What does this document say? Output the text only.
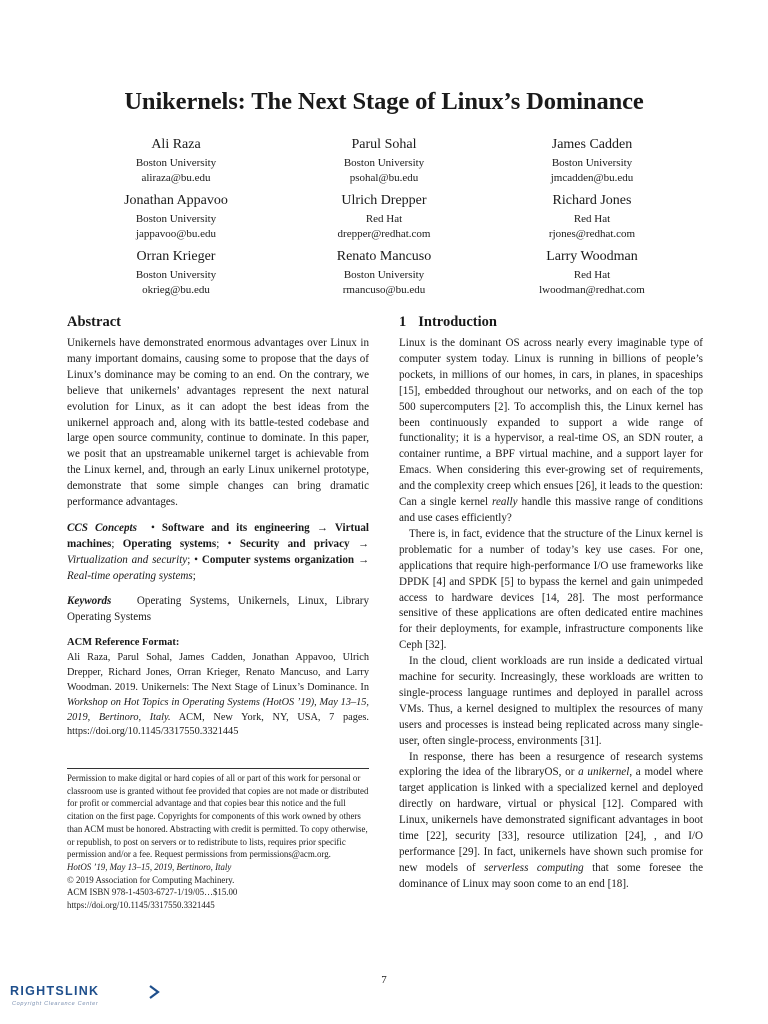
Unikernels: The Next Stage of Linux’s Dominance
Ali Raza
Boston University
aliraza@bu.edu
Parul Sohal
Boston University
psohal@bu.edu
James Cadden
Boston University
jmcadden@bu.edu
Jonathan Appavoo
Boston University
jappavoo@bu.edu
Ulrich Drepper
Red Hat
drepper@redhat.com
Richard Jones
Red Hat
rjones@redhat.com
Orran Krieger
Boston University
okrieg@bu.edu
Renato Mancuso
Boston University
rmancuso@bu.edu
Larry Woodman
Red Hat
lwoodman@redhat.com
Abstract

Unikernels have demonstrated enormous advantages over Linux in many important domains, causing some to propose that the days of Linux’s dominance may be coming to an end. On the contrary, we believe that unikernels’ advantages represent the next natural evolution for Linux, as it can adopt the best ideas from the unikernel approach and, along with its battle-tested codebase and large open source community, continue to dominate. In this paper, we posit that an upstreamable unikernel target is achievable from the Linux kernel, and, through an early Linux unikernel prototype, demonstrate that some simple changes can bring dramatic performance advantages.

CCS Concepts • Software and its engineering → Virtual machines; Operating systems; • Security and privacy → Virtualization and security; • Computer systems organization → Real-time operating systems;

Keywords Operating Systems, Unikernels, Linux, Library Operating Systems

ACM Reference Format:

Ali Raza, Parul Sohal, James Cadden, Jonathan Appavoo, Ulrich Drepper, Richard Jones, Orran Krieger, Renato Mancuso, and Larry Woodman. 2019. Unikernels: The Next Stage of Linux’s Dominance. In Workshop on Hot Topics in Operating Systems (HotOS ’19), May 13–15, 2019, Bertinoro, Italy. ACM, New York, NY, USA, 7 pages. https://doi.org/10.1145/3317550.3321445

Permission to make digital or hard copies of all or part of this work for personal or classroom use is granted without fee provided that copies are not made or distributed for profit or commercial advantage and that copies bear this notice and the full citation on the first page. Copyrights for components of this work owned by others than ACM must be honored. Abstracting with credit is permitted. To copy otherwise, or republish, to post on servers or to redistribute to lists, requires prior specific permission and/or a fee. Request permissions from permissions@acm.org.

HotOS ’19, May 13–15, 2019, Bertinoro, Italy

© 2019 Association for Computing Machinery.

ACM ISBN 978-1-4503-6727-1/19/05…$15.00

https://doi.org/10.1145/3317550.3321445

1 Introduction

Linux is the dominant OS across nearly every imaginable type of computer system today. Linux is running in billions of people’s pockets, in millions of our homes, in cars, in planes, in spaceships [15], embedded throughout our networks, and on each of the top 500 supercomputers [2]. To accomplish this, the Linux kernel has been continuously expanded to support a wide range of functionality; it is a hypervisor, a real-time OS, an SDN router, a container runtime, a BPF virtual machine, and a support layer for Emacs. When considering this ever-growing set of requirements, and the complexity creep which ensues [26], it leads to the question: Can a single kernel really handle this massive range of conditions and use cases efficiently?

There is, in fact, evidence that the structure of the Linux kernel is problematic for a number of today’s key use cases. For one, applications that require high-performance I/O use frameworks like DPDK [4] and SPDK [5] to bypass the kernel and gain unimpeded access to hardware devices [14, 28]. The most performance sensitive of these applications are often dedicated entire machines for their deployments, for example, infrastructure components like Ceph [32].

In the cloud, client workloads are run inside a dedicated virtual machine for security. Increasingly, these workloads are written to single-process language runtimes and deployed in parallel across VMs. Thus, a kernel designed to multiplex the resources of many users and processes is instead being replicated across many single-user, often single-process, environments [31].

In response, there has been a resurgence of research systems exploring the idea of the libraryOS, or a unikernel, a model where target application is linked with a specialized kernel and deployed directly on hardware, virtual or physical [12]. Compared with Linux, unikernels have demonstrated significant advantages in boot time [22], security [33], resource utilization [24], , and I/O performance [29]. In fact, unikernels have shown such promise for new models of serverless computing that some foresee the dominance of Linux may soon come to an end [18].

7
RIGHTSLINK
Copyright Clearance Center
